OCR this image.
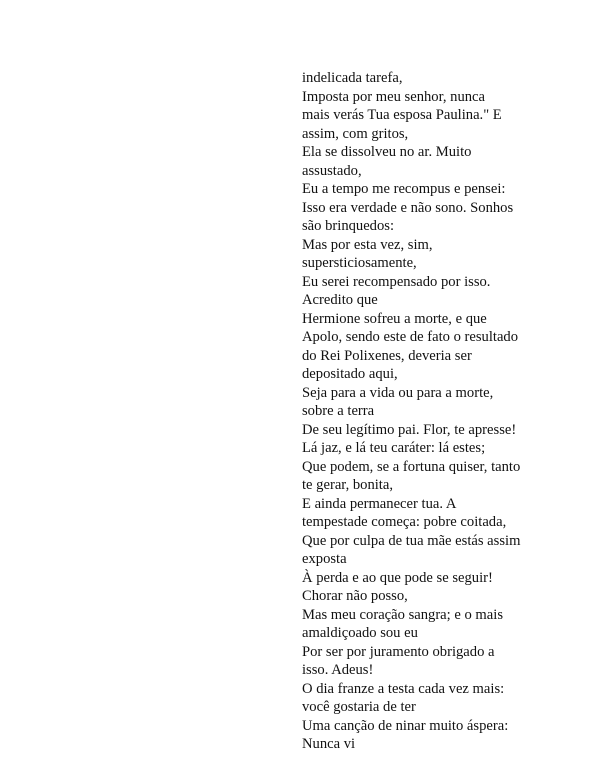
indelicada tarefa,
Imposta por meu senhor, nunca
mais verás Tua esposa Paulina." E
assim, com gritos,
Ela se dissolveu no ar. Muito
assustado,
Eu a tempo me recompus e pensei:
Isso era verdade e não sono. Sonhos
são brinquedos:
Mas por esta vez, sim,
supersticiosamente,
Eu serei recompensado por isso.
Acredito que
Hermione sofreu a morte, e que
Apolo, sendo este de fato o resultado
do Rei Polixenes, deveria ser
depositado aqui,
Seja para a vida ou para a morte,
sobre a terra
De seu legítimo pai. Flor, te apresse!
Lá jaz, e lá teu caráter: lá estes;
Que podem, se a fortuna quiser, tanto
te gerar, bonita,
E ainda permanecer tua. A
tempestade começa: pobre coitada,
Que por culpa de tua mãe estás assim
exposta
À perda e ao que pode se seguir!
Chorar não posso,
Mas meu coração sangra; e o mais
amaldiçoado sou eu
Por ser por juramento obrigado a
isso. Adeus!
O dia franze a testa cada vez mais:
você gostaria de ter
Uma canção de ninar muito áspera:
Nunca vi
